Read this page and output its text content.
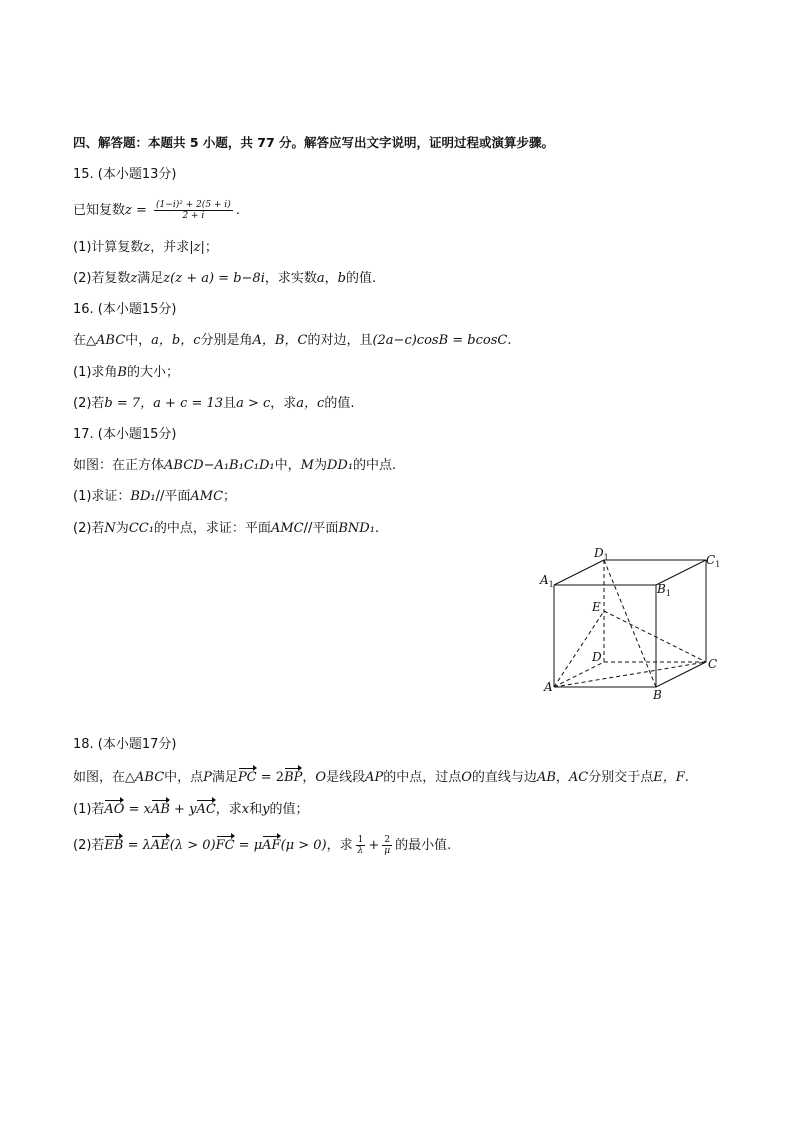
四、解答题：本题共 5 小题，共 77 分。解答应写出文字说明，证明过程或演算步骤。
15. (本小题13分)
已知复数$z = \frac{\text{(1−i)² + 2(5 + i)}}{2 + i}$ .
(1)计算复数z，并求|z|；
(2)若复数z满足z(z + a) = b−8i，求实数a，b的值.
16. (本小题15分)
在△ABC中，a，b，c分别是角A，B，C的对边，且(2a−c)cosB = bcosC.
(1)求角B的大小；
(2)若b = 7，a + c = 13且a > c，求a，c的值.
17. (本小题15分)
如图：在正方体ABCD−A₁B₁C₁D₁中，M为DD₁的中点.
(1)求证：BD₁//平面AMC；
(2)若N为CC₁的中点，求证：平面AMC//平面BND₁.
$A_1$
$D_1$	$C_1$
$B_1$
E
D	C
A
B
18. (本小题17分)
如图，在△ABC中，点P满足PC = 2BP，O是线段AP的中点，过点O的直线与边AB，AC分别交于点E，F.
(1)若AO = xAB + yAC，求x和y的值；
(2)若EB = λAE(λ > 0)FC = μAF(μ > 0)，求 $\frac{1}{\lambda} + \frac{2}{\mu}$ 的最小值.
